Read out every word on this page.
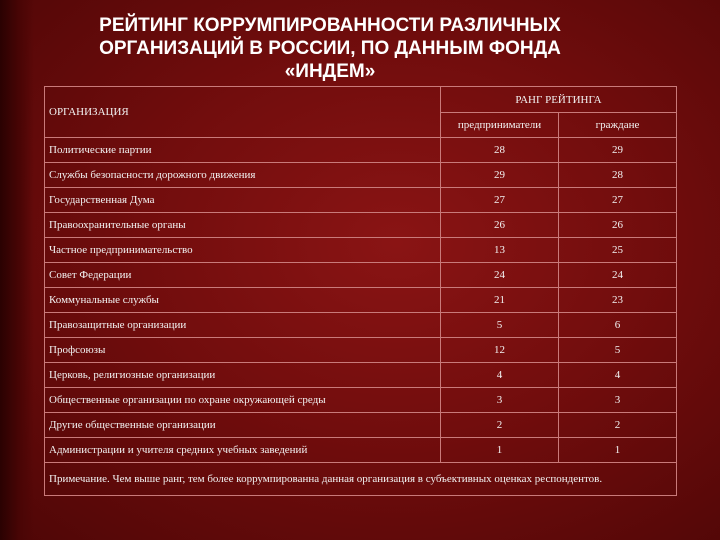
РЕЙТИНГ КОРРУМПИРОВАННОСТИ РАЗЛИЧНЫХ
ОРГАНИЗАЦИЙ В РОССИИ, ПО ДАННЫМ ФОНДА
«ИНДЕМ»
ОРГАНИЗАЦИЯ	РАНГ РЕЙТИНГА	
	предприниматели	граждане
Политические партии	28	29
Службы безопасности дорожного движения	29	28
Государственная Дума	27	27
Правоохранительные органы	26	26
Частное предпринимательство	13	25
Совет Федерации	24	24
Коммунальные службы	21	23
Правозащитные организации	5	6
Профсоюзы	12	5
Церковь, религиозные организации	4	4
Общественные организации по охране окружающей среды	3	3
Другие общественные организации	2	2
Администрации и учителя средних учебных заведений	1	1
Примечание. Чем выше ранг, тем более коррумпированна данная организация в субъективных оценках респондентов.		
